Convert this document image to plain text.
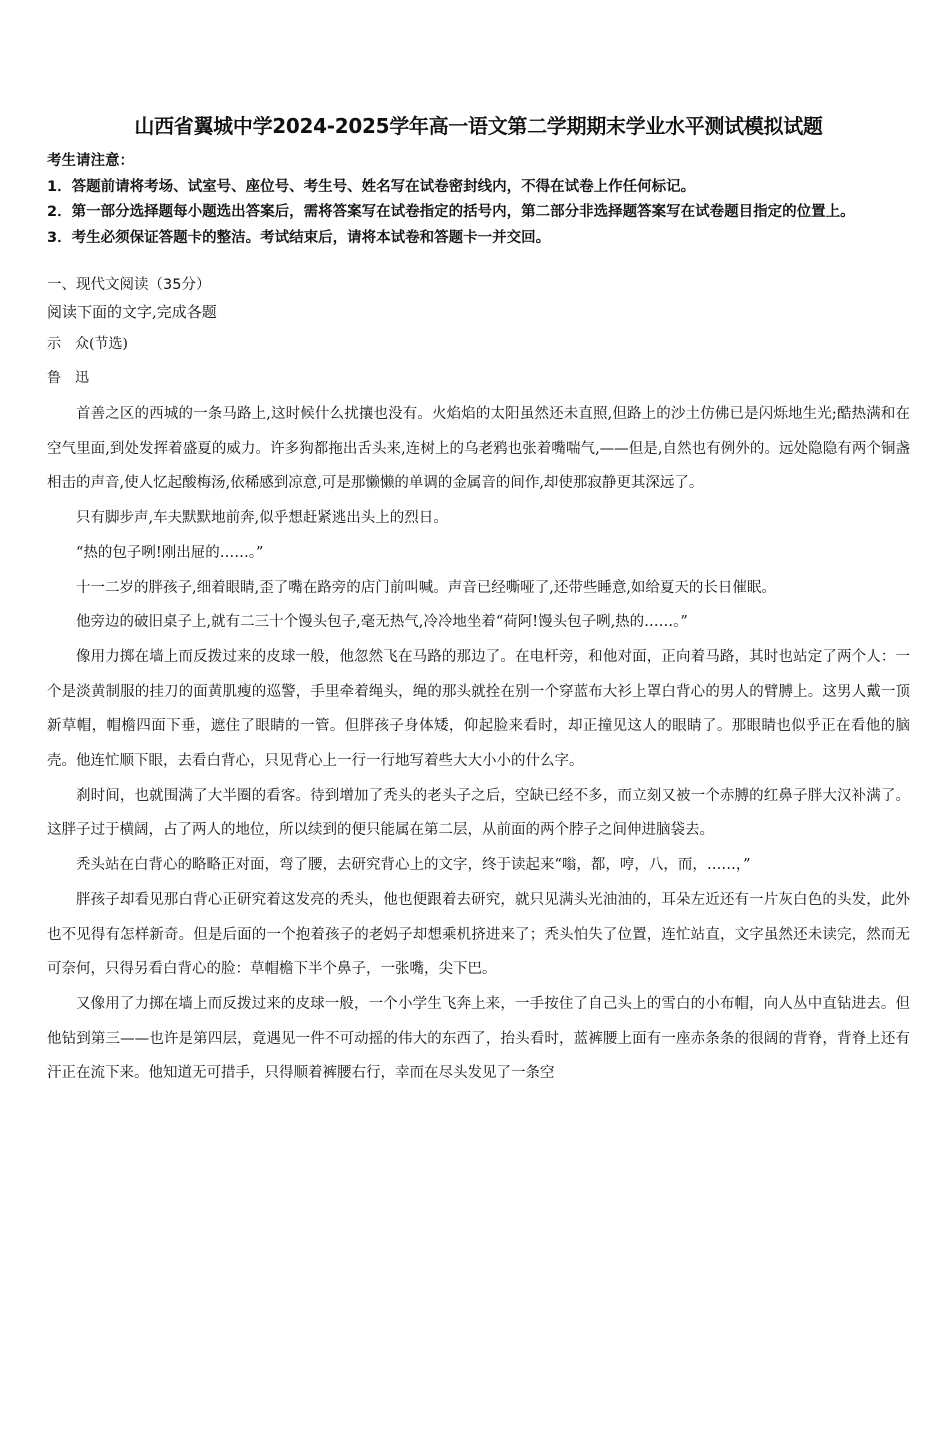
山西省翼城中学2024-2025学年高一语文第二学期期末学业水平测试模拟试题

考生请注意：

1．答题前请将考场、试室号、座位号、考生号、姓名写在试卷密封线内，不得在试卷上作任何标记。

2．第一部分选择题每小题选出答案后，需将答案写在试卷指定的括号内，第二部分非选择题答案写在试卷题目指定的位置上。

3．考生必须保证答题卡的整洁。考试结束后，请将本试卷和答题卡一并交回。

一、现代文阅读（35分）
阅读下面的文字,完成各题
示　众(节选)
鲁　迅

首善之区的西城的一条马路上,这时候什么扰攘也没有。火焰焰的太阳虽然还未直照,但路上的沙土仿佛已是闪烁地生光;酷热满和在空气里面,到处发挥着盛夏的威力。许多狗都拖出舌头来,连树上的乌老鸦也张着嘴喘气,——但是,自然也有例外的。远处隐隐有两个铜盏相击的声音,使人忆起酸梅汤,依稀感到凉意,可是那懒懒的单调的金属音的间作,却使那寂静更其深远了。

只有脚步声,车夫默默地前奔,似乎想赶紧逃出头上的烈日。

“热的包子咧!刚出屉的……。”

十一二岁的胖孩子,细着眼睛,歪了嘴在路旁的店门前叫喊。声音已经嘶哑了,还带些睡意,如给夏天的长日催眠。

他旁边的破旧桌子上,就有二三十个馒头包子,毫无热气,冷冷地坐着“荷阿!馒头包子咧,热的……。”

像用力掷在墙上而反拨过来的皮球一般，他忽然飞在马路的那边了。在电杆旁，和他对面，正向着马路，其时也站定了两个人：一个是淡黄制服的挂刀的面黄肌瘦的巡警，手里牵着绳头，绳的那头就拴在别一个穿蓝布大衫上罩白背心的男人的臂膊上。这男人戴一顶新草帽，帽檐四面下垂，遮住了眼睛的一管。但胖孩子身体矮，仰起脸来看时，却正撞见这人的眼睛了。那眼睛也似乎正在看他的脑壳。他连忙顺下眼，去看白背心，只见背心上一行一行地写着些大大小小的什么字。

刹时间，也就围满了大半圈的看客。待到增加了秃头的老头子之后，空缺已经不多，而立刻又被一个赤膊的红鼻子胖大汉补满了。这胖子过于横阔，占了两人的地位，所以续到的便只能属在第二层，从前面的两个脖子之间伸进脑袋去。

秃头站在白背心的略略正对面，弯了腰，去研究背心上的文字，终于读起来“嗡，都，哼，八，而，……，”

胖孩子却看见那白背心正研究着这发亮的秃头，他也便跟着去研究，就只见满头光油油的，耳朵左近还有一片灰白色的头发，此外也不见得有怎样新奇。但是后面的一个抱着孩子的老妈子却想乘机挤进来了；秃头怕失了位置，连忙站直，文字虽然还未读完，然而无可奈何，只得另看白背心的脸：草帽檐下半个鼻子，一张嘴，尖下巴。

又像用了力掷在墙上而反拨过来的皮球一般，一个小学生飞奔上来，一手按住了自己头上的雪白的小布帽，向人丛中直钻进去。但他钻到第三——也许是第四层，竟遇见一件不可动摇的伟大的东西了，抬头看时，蓝裤腰上面有一座赤条条的很阔的背脊，背脊上还有汗正在流下来。他知道无可措手，只得顺着裤腰右行，幸而在尽头发见了一条空
